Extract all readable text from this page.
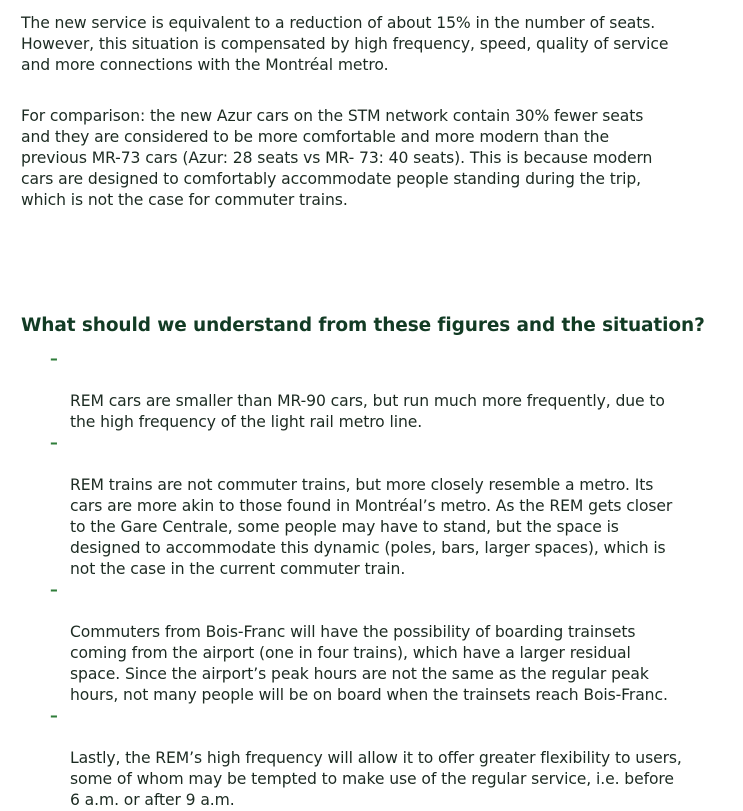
The new service is equivalent to a reduction of about 15% in the number of seats.
However, this situation is compensated by high frequency, speed, quality of service
and more connections with the Montréal metro.

For comparison: the new Azur cars on the STM network contain 30% fewer seats
and they are considered to be more comfortable and more modern than the
previous MR-73 cars (Azur: 28 seats vs MR- 73: 40 seats). This is because modern
cars are designed to comfortably accommodate people standing during the trip,
which is not the case for commuter trains.

What should we understand from these figures and the situation?

–

REM cars are smaller than MR-90 cars, but run much more frequently, due to
the high frequency of the light rail metro line.

–

REM trains are not commuter trains, but more closely resemble a metro. Its
cars are more akin to those found in Montréal’s metro. As the REM gets closer
to the Gare Centrale, some people may have to stand, but the space is
designed to accommodate this dynamic (poles, bars, larger spaces), which is
not the case in the current commuter train.

–

Commuters from Bois-Franc will have the possibility of boarding trainsets
coming from the airport (one in four trains), which have a larger residual
space. Since the airport’s peak hours are not the same as the regular peak
hours, not many people will be on board when the trainsets reach Bois-Franc.

–

Lastly, the REM’s high frequency will allow it to offer greater flexibility to users,
some of whom may be tempted to make use of the regular service, i.e. before
6 a.m. or after 9 a.m.
